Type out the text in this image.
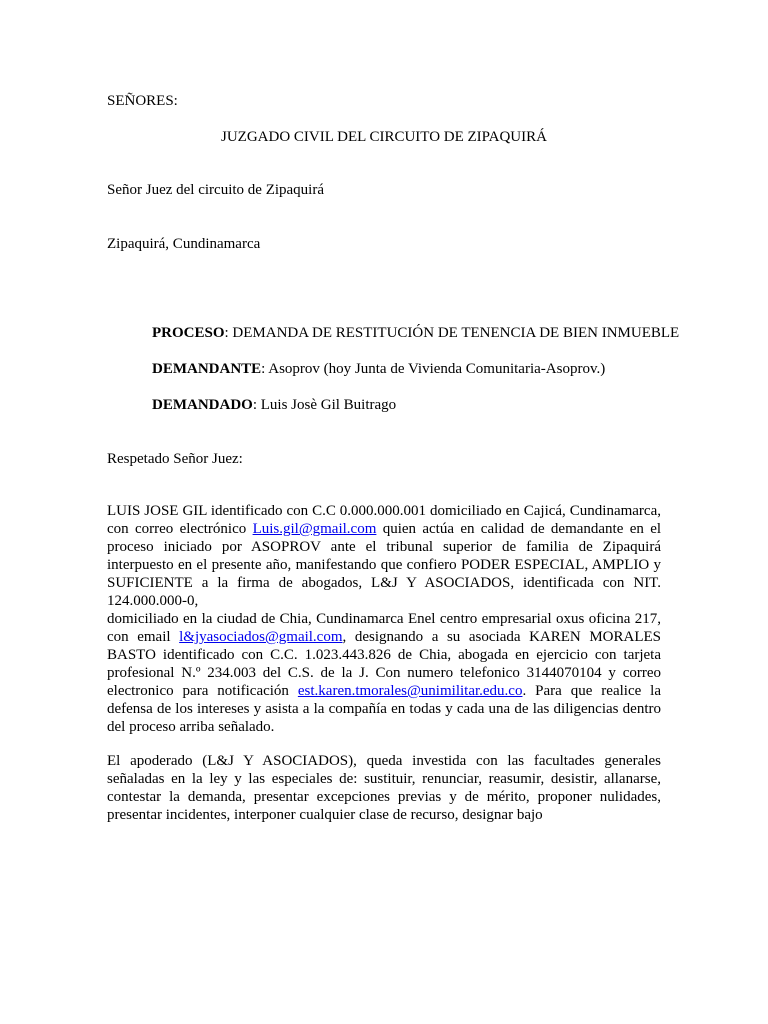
SEÑORES:

JUZGADO CIVIL DEL CIRCUITO DE ZIPAQUIRÁ

Señor Juez del circuito de Zipaquirá

Zipaquirá, Cundinamarca

PROCESO: DEMANDA DE RESTITUCIÓN DE TENENCIA DE BIEN INMUEBLE

DEMANDANTE: Asoprov (hoy Junta de Vivienda Comunitaria-Asoprov.)

DEMANDADO: Luis Josè Gil Buitrago

Respetado Señor Juez:

LUIS JOSE GIL identificado con C.C 0.000.000.001 domiciliado en Cajicá, Cundinamarca,
con correo electrónico Luis.gil@gmail.com quien actúa en calidad de demandante en el
proceso iniciado por ASOPROV ante el tribunal superior de familia de Zipaquirá
interpuesto en el presente año, manifestando que confiero PODER ESPECIAL, AMPLIO y
SUFICIENTE a la firma de abogados, L&J Y ASOCIADOS, identificada con NIT.
124.000.000-0,
domiciliado en la ciudad de Chia, Cundinamarca Enel centro empresarial oxus oficina 217,
con email l&jyasociados@gmail.com, designando a su asociada KAREN MORALES
BASTO identificado con C.C. 1.023.443.826 de Chia, abogada en ejercicio con tarjeta
profesional N.º 234.003 del C.S. de la J. Con numero telefonico 3144070104 y correo
electronico para notificación est.karen.tmorales@unimilitar.edu.co. Para que realice la
defensa de los intereses y asista a la compañía en todas y cada una de las diligencias dentro
del proceso arriba señalado.
El apoderado (L&J Y ASOCIADOS), queda investida con las facultades generales
señaladas en la ley y las especiales de: sustituir, renunciar, reasumir, desistir, allanarse,
contestar la demanda, presentar excepciones previas y de mérito, proponer nulidades,
presentar incidentes, interponer cualquier clase de recurso, designar bajo
